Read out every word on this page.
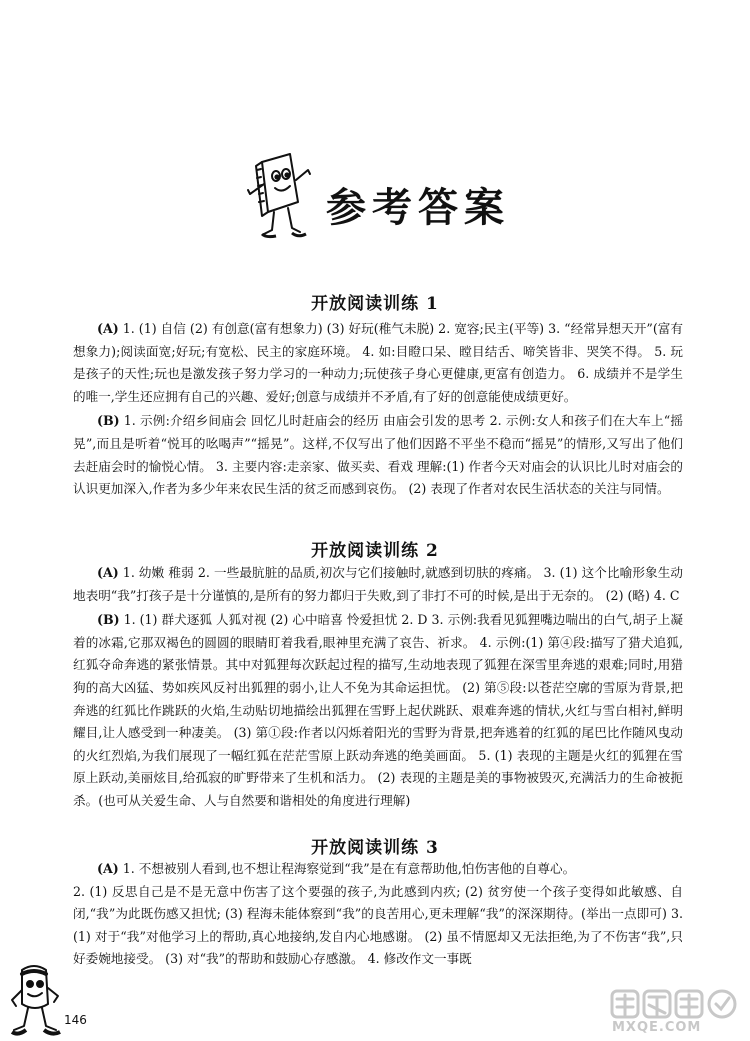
参考答案
开放阅读训练 1

(A) 1. (1) 自信 (2) 有创意(富有想象力) (3) 好玩(稚气未脱) 2. 宽容;民主(平等) 3. “经常异想天开”(富有想象力);阅读面宽;好玩;有宽松、民主的家庭环境。 4. 如:目瞪口呆、瞠目结舌、啼笑皆非、哭笑不得。 5. 玩是孩子的天性;玩也是激发孩子努力学习的一种动力;玩使孩子身心更健康,更富有创造力。 6. 成绩并不是学生的唯一,学生还应拥有自己的兴趣、爱好;创意与成绩并不矛盾,有了好的创意能使成绩更好。

(B) 1. 示例:介绍乡间庙会 回忆儿时赶庙会的经历 由庙会引发的思考 2. 示例:女人和孩子们在大车上“摇晃”,而且是听着“悦耳的吆喝声”“摇晃”。这样,不仅写出了他们因路不平坐不稳而“摇晃”的情形,又写出了他们去赶庙会时的愉悦心情。 3. 主要内容:走亲家、做买卖、看戏 理解:(1) 作者今天对庙会的认识比儿时对庙会的认识更加深入,作者为多少年来农民生活的贫乏而感到哀伤。 (2) 表现了作者对农民生活状态的关注与同情。

开放阅读训练 2

(A) 1. 幼嫩 稚弱 2. 一些最肮脏的品质,初次与它们接触时,就感到切肤的疼痛。 3. (1) 这个比喻形象生动地表明“我”打孩子是十分谨慎的,是所有的努力都归于失败,到了非打不可的时候,是出于无奈的。 (2) (略) 4. C

(B) 1. (1) 群犬逐狐 人狐对视 (2) 心中暗喜 怜爱担忧 2. D 3. 示例:我看见狐狸嘴边喘出的白气,胡子上凝着的冰霜,它那双褐色的圆圆的眼睛盯着我看,眼神里充满了哀告、祈求。 4. 示例:(1) 第④段:描写了猎犬追狐,红狐夺命奔逃的紧张情景。其中对狐狸每次跃起过程的描写,生动地表现了狐狸在深雪里奔逃的艰难;同时,用猎狗的高大凶猛、势如疾风反衬出狐狸的弱小,让人不免为其命运担忧。 (2) 第⑤段:以苍茫空廓的雪原为背景,把奔逃的红狐比作跳跃的火焰,生动贴切地描绘出狐狸在雪野上起伏跳跃、艰难奔逃的情状,火红与雪白相衬,鲜明耀目,让人感受到一种凄美。 (3) 第①段:作者以闪烁着阳光的雪野为背景,把奔逃着的红狐的尾巴比作随风曳动的火红烈焰,为我们展现了一幅红狐在茫茫雪原上跃动奔逃的绝美画面。 5. (1) 表现的主题是火红的狐狸在雪原上跃动,美丽炫目,给孤寂的旷野带来了生机和活力。 (2) 表现的主题是美的事物被毁灭,充满活力的生命被扼杀。(也可从关爱生命、人与自然要和谐相处的角度进行理解)

开放阅读训练 3

(A) 1. 不想被别人看到,也不想让程海察觉到“我”是在有意帮助他,怕伤害他的自尊心。

2. (1) 反思自己是不是无意中伤害了这个要强的孩子,为此感到内疚; (2) 贫穷使一个孩子变得如此敏感、自闭,“我”为此既伤感又担忧; (3) 程海未能体察到“我”的良苦用心,更未理解“我”的深深期待。(举出一点即可) 3. (1) 对于“我”对他学习上的帮助,真心地接纳,发自内心地感谢。 (2) 虽不情愿却又无法拒绝,为了不伤害“我”,只好委婉地接受。 (3) 对“我”的帮助和鼓励心存感激。 4. 修改作文一事既

146	MXQE.COM
